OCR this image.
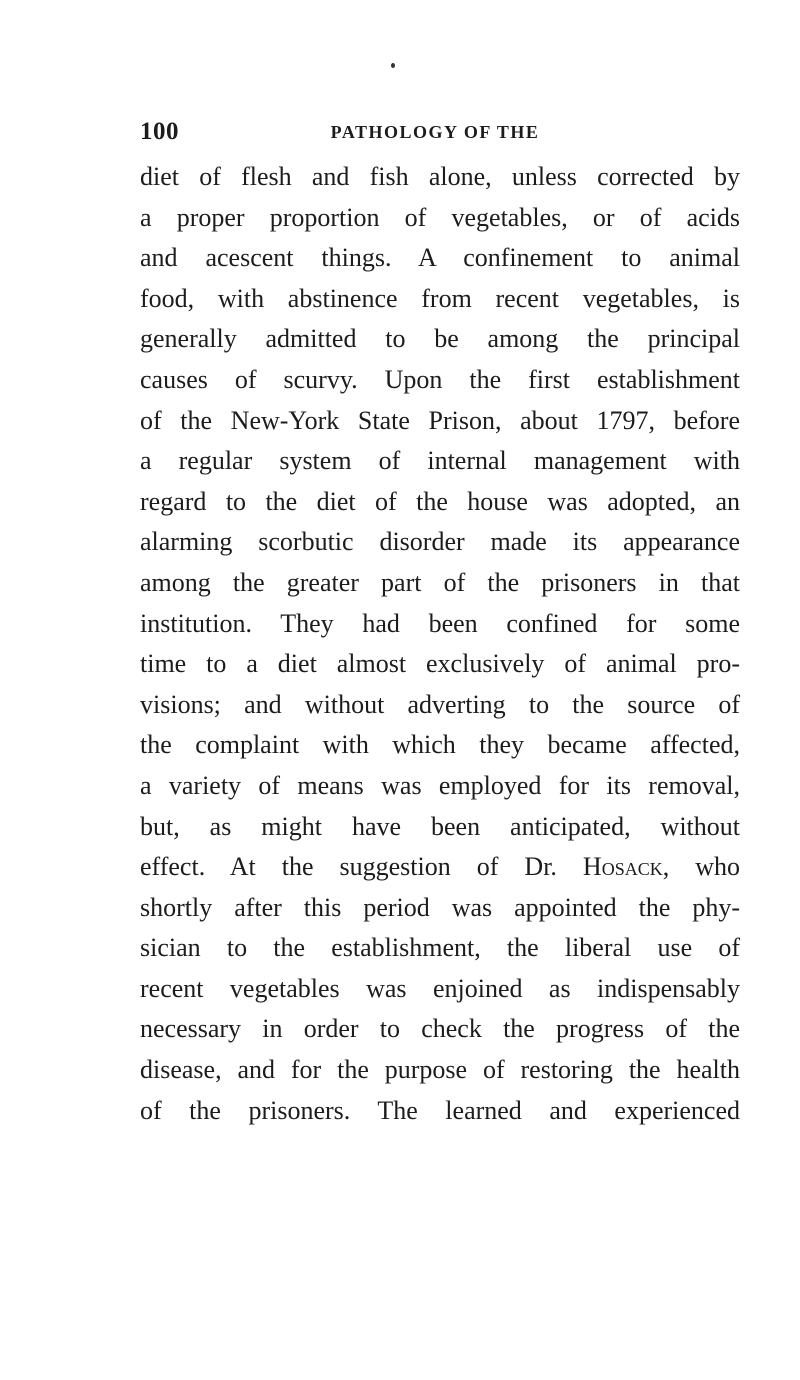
100	PATHOLOGY OF THE
diet of flesh and fish alone, unless corrected by
a proper proportion of vegetables, or of acids
and acescent things. A confinement to animal
food, with abstinence from recent vegetables, is
generally admitted to be among the principal
causes of scurvy. Upon the first establishment
of the New-York State Prison, about 1797, before
a regular system of internal management with
regard to the diet of the house was adopted, an
alarming scorbutic disorder made its appearance
among the greater part of the prisoners in that
institution. They had been confined for some
time to a diet almost exclusively of animal pro-
visions; and without adverting to the source of
the complaint with which they became affected,
a variety of means was employed for its removal,
but, as might have been anticipated, without
effect. At the suggestion of Dr. Hosack, who
shortly after this period was appointed the phy-
sician to the establishment, the liberal use of
recent vegetables was enjoined as indispensably
necessary in order to check the progress of the
disease, and for the purpose of restoring the health
of the prisoners. The learned and experienced
